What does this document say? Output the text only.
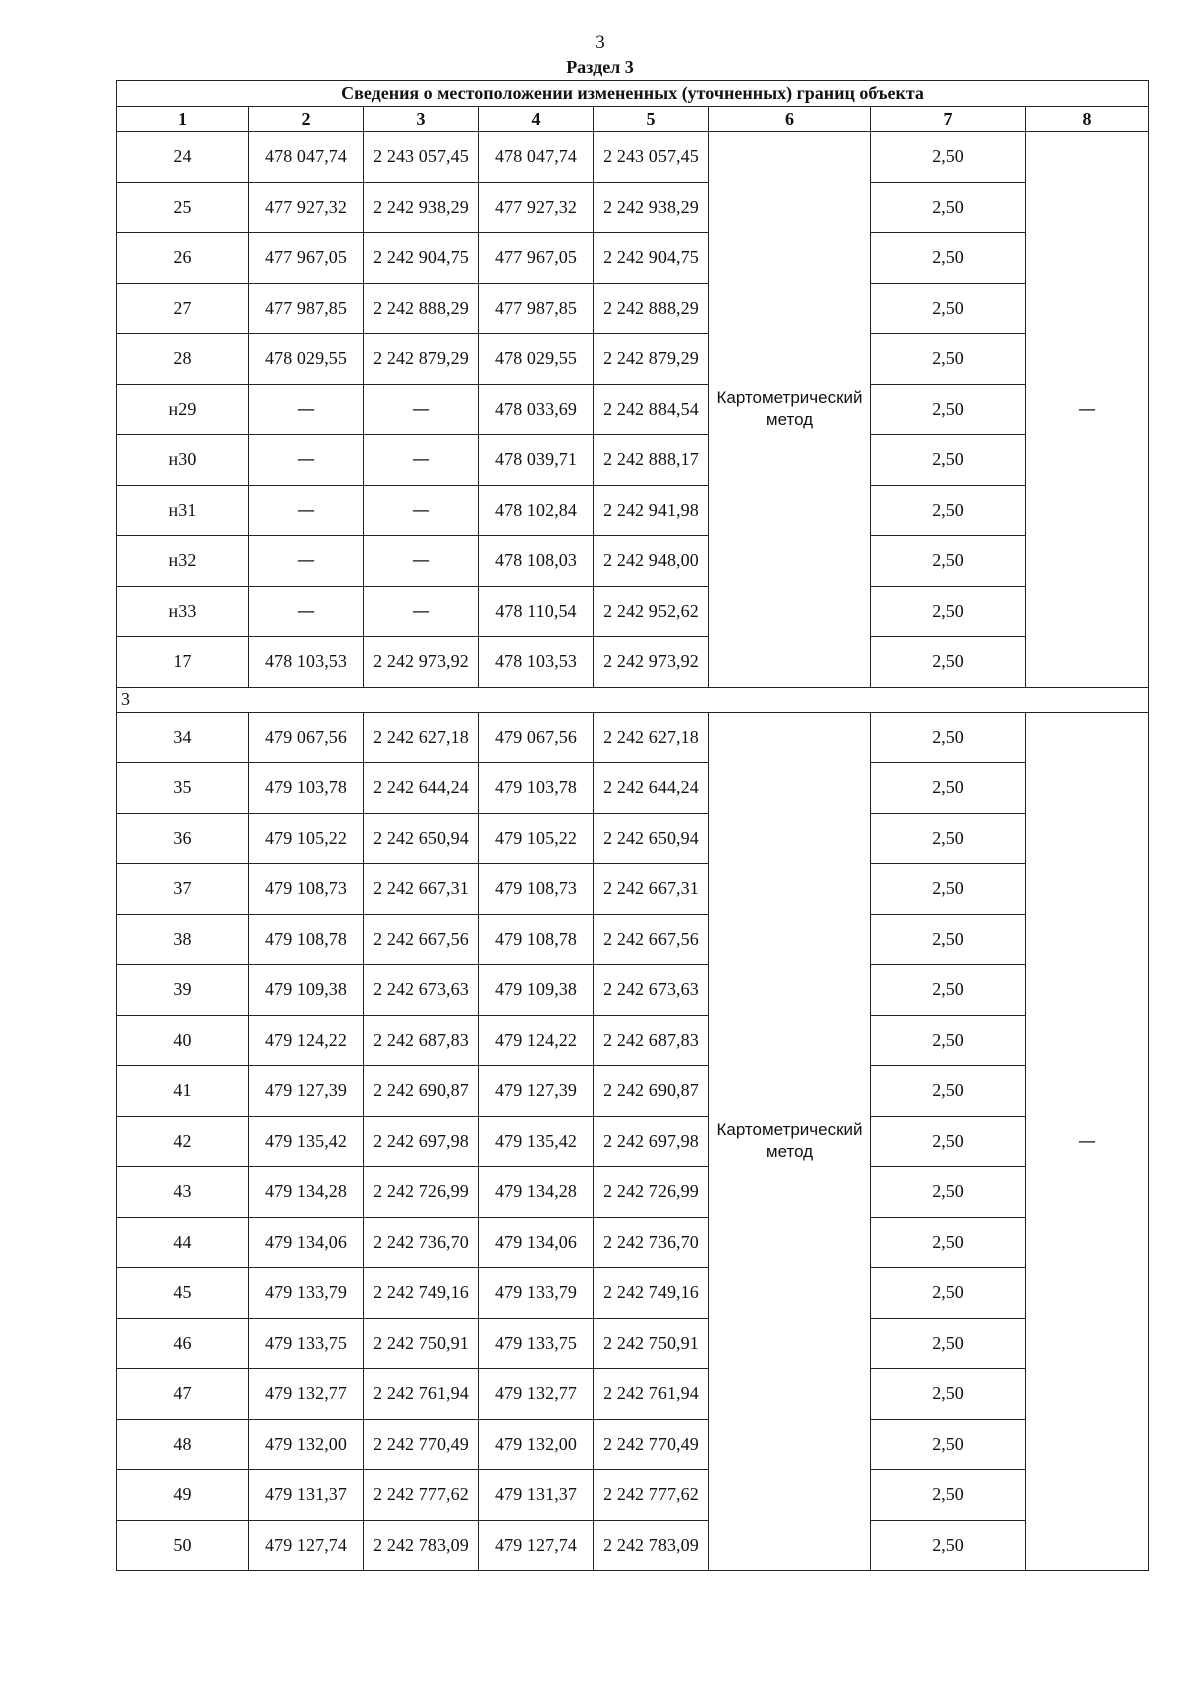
3
Раздел 3
Сведения о местоположении измененных (уточненных) границ объекта							
1	2	3	4	5	6	7	8
24	478 047,74	2 243 057,45	478 047,74	2 243 057,45	Картометрический метод	2,50	—
25	477 927,32	2 242 938,29	477 927,32	2 242 938,29		2,50	
26	477 967,05	2 242 904,75	477 967,05	2 242 904,75		2,50	
27	477 987,85	2 242 888,29	477 987,85	2 242 888,29		2,50	
28	478 029,55	2 242 879,29	478 029,55	2 242 879,29		2,50	
н29	—	—	478 033,69	2 242 884,54		2,50	
н30	—	—	478 039,71	2 242 888,17		2,50	
н31	—	—	478 102,84	2 242 941,98		2,50	
н32	—	—	478 108,03	2 242 948,00		2,50	
н33	—	—	478 110,54	2 242 952,62		2,50	
17	478 103,53	2 242 973,92	478 103,53	2 242 973,92		2,50	
3							
34	479 067,56	2 242 627,18	479 067,56	2 242 627,18	Картометрический метод	2,50	—
35	479 103,78	2 242 644,24	479 103,78	2 242 644,24		2,50	
36	479 105,22	2 242 650,94	479 105,22	2 242 650,94		2,50	
37	479 108,73	2 242 667,31	479 108,73	2 242 667,31		2,50	
38	479 108,78	2 242 667,56	479 108,78	2 242 667,56		2,50	
39	479 109,38	2 242 673,63	479 109,38	2 242 673,63		2,50	
40	479 124,22	2 242 687,83	479 124,22	2 242 687,83		2,50	
41	479 127,39	2 242 690,87	479 127,39	2 242 690,87		2,50	
42	479 135,42	2 242 697,98	479 135,42	2 242 697,98		2,50	
43	479 134,28	2 242 726,99	479 134,28	2 242 726,99		2,50	
44	479 134,06	2 242 736,70	479 134,06	2 242 736,70		2,50	
45	479 133,79	2 242 749,16	479 133,79	2 242 749,16		2,50	
46	479 133,75	2 242 750,91	479 133,75	2 242 750,91		2,50	
47	479 132,77	2 242 761,94	479 132,77	2 242 761,94		2,50	
48	479 132,00	2 242 770,49	479 132,00	2 242 770,49		2,50	
49	479 131,37	2 242 777,62	479 131,37	2 242 777,62		2,50	
50	479 127,74	2 242 783,09	479 127,74	2 242 783,09		2,50	
